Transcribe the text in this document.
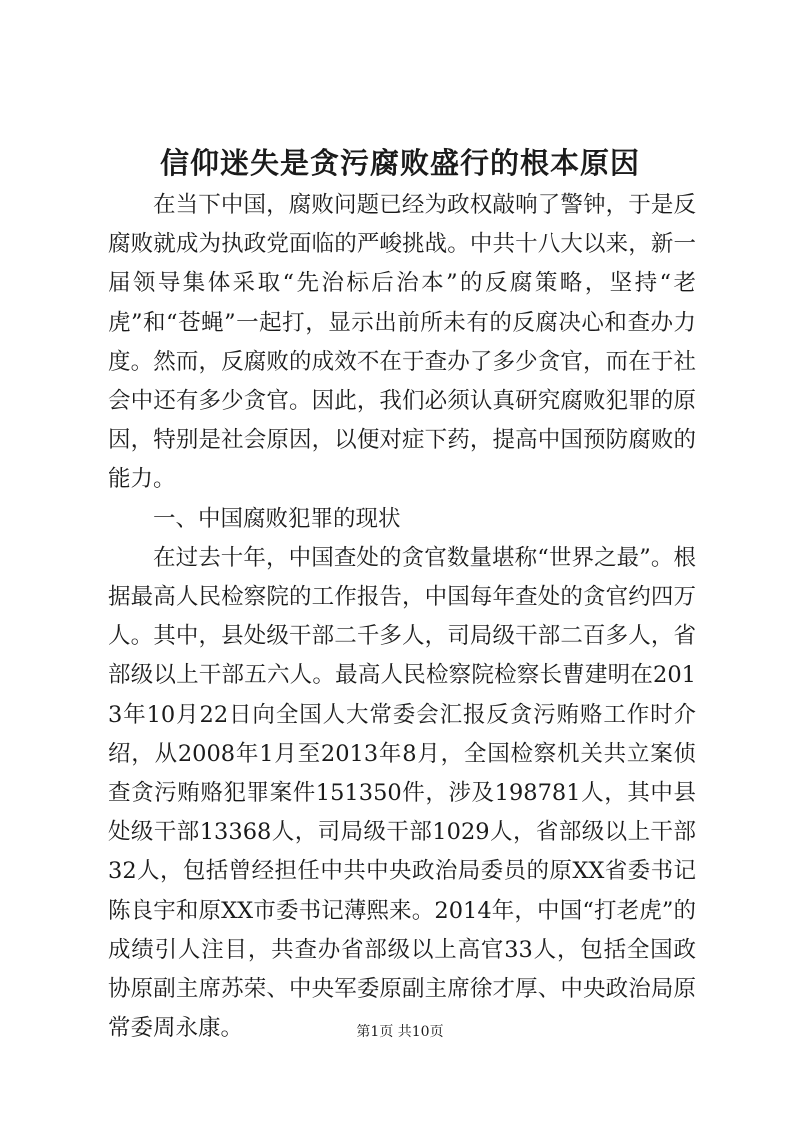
信仰迷失是贪污腐败盛行的根本原因

在当下中国，腐败问题已经为政权敲响了警钟，于是反腐败就成为执政党面临的严峻挑战。中共十八大以来，新一届领导集体采取“先治标后治本”的反腐策略，坚持“老虎”和“苍蝇”一起打，显示出前所未有的反腐决心和查办力度。然而，反腐败的成效不在于查办了多少贪官，而在于社会中还有多少贪官。因此，我们必须认真研究腐败犯罪的原因，特别是社会原因，以便对症下药，提高中国预防腐败的能力。

一、中国腐败犯罪的现状

在过去十年，中国查处的贪官数量堪称“世界之最”。根据最高人民检察院的工作报告，中国每年查处的贪官约四万人。其中，县处级干部二千多人，司局级干部二百多人，省部级以上干部五六人。最高人民检察院检察长曹建明在2013年10月22日向全国人大常委会汇报反贪污贿赂工作时介绍，从2008年1月至2013年8月，全国检察机关共立案侦查贪污贿赂犯罪案件151350件，涉及198781人，其中县处级干部13368人，司局级干部1029人，省部级以上干部32人，包括曾经担任中共中央政治局委员的原XX省委书记陈良宇和原XX市委书记薄熙来。2014年，中国“打老虎”的成绩引人注目，共查办省部级以上高官33人，包括全国政协原副主席苏荣、中央军委原副主席徐才厚、中央政治局原常委周永康。	第1页 共10页
